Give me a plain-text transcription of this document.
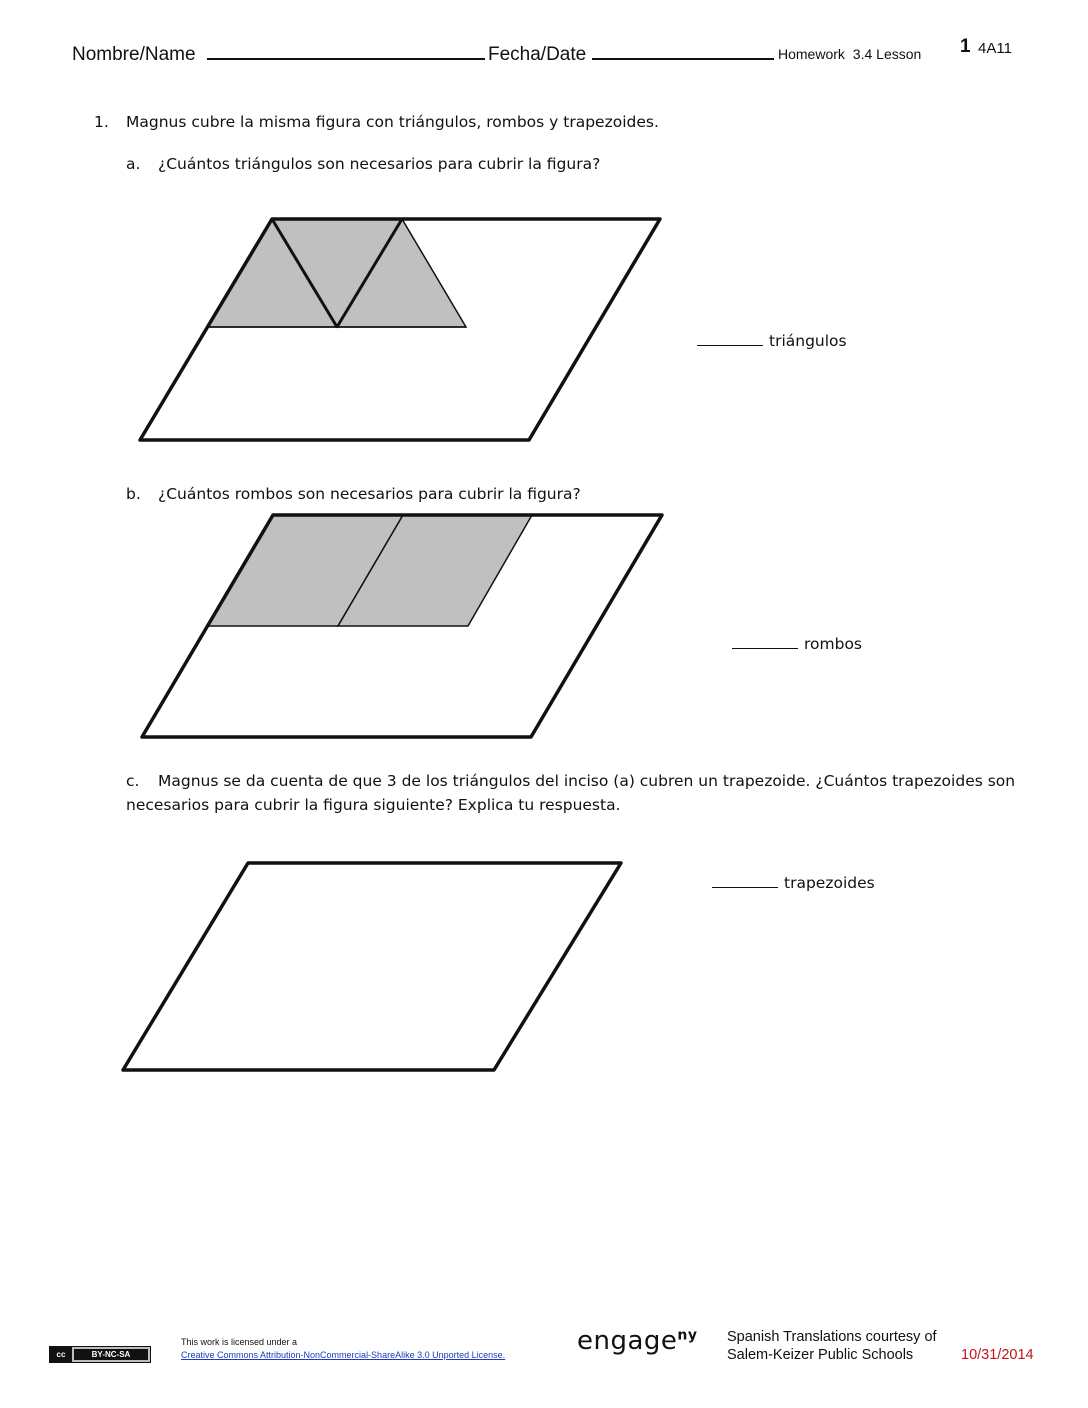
Nombre/Name	Fecha/Date	Homework 3.4 Lesson 1 4A11
1. Magnus cubre la misma figura con triángulos, rombos y trapezoides.
a. ¿Cuántos triángulos son necesarios para cubrir la figura?
triángulos
b. ¿Cuántos rombos son necesarios para cubrir la figura?
rombos
c. Magnus se da cuenta de que 3 de los triángulos del inciso (a) cubren un trapezoide. ¿Cuántos trapezoides son
necesarios para cubrir la figura siguiente? Explica tu respuesta.
trapezoides
cc	BY-NC-SA
This work is licensed under a
Creative Commons Attribution-NonCommercial-ShareAlike 3.0 Unported License.	engage$^{ny}$ Spanish Translations courtesy of
Salem-Keizer Public Schools	10/31/2014
